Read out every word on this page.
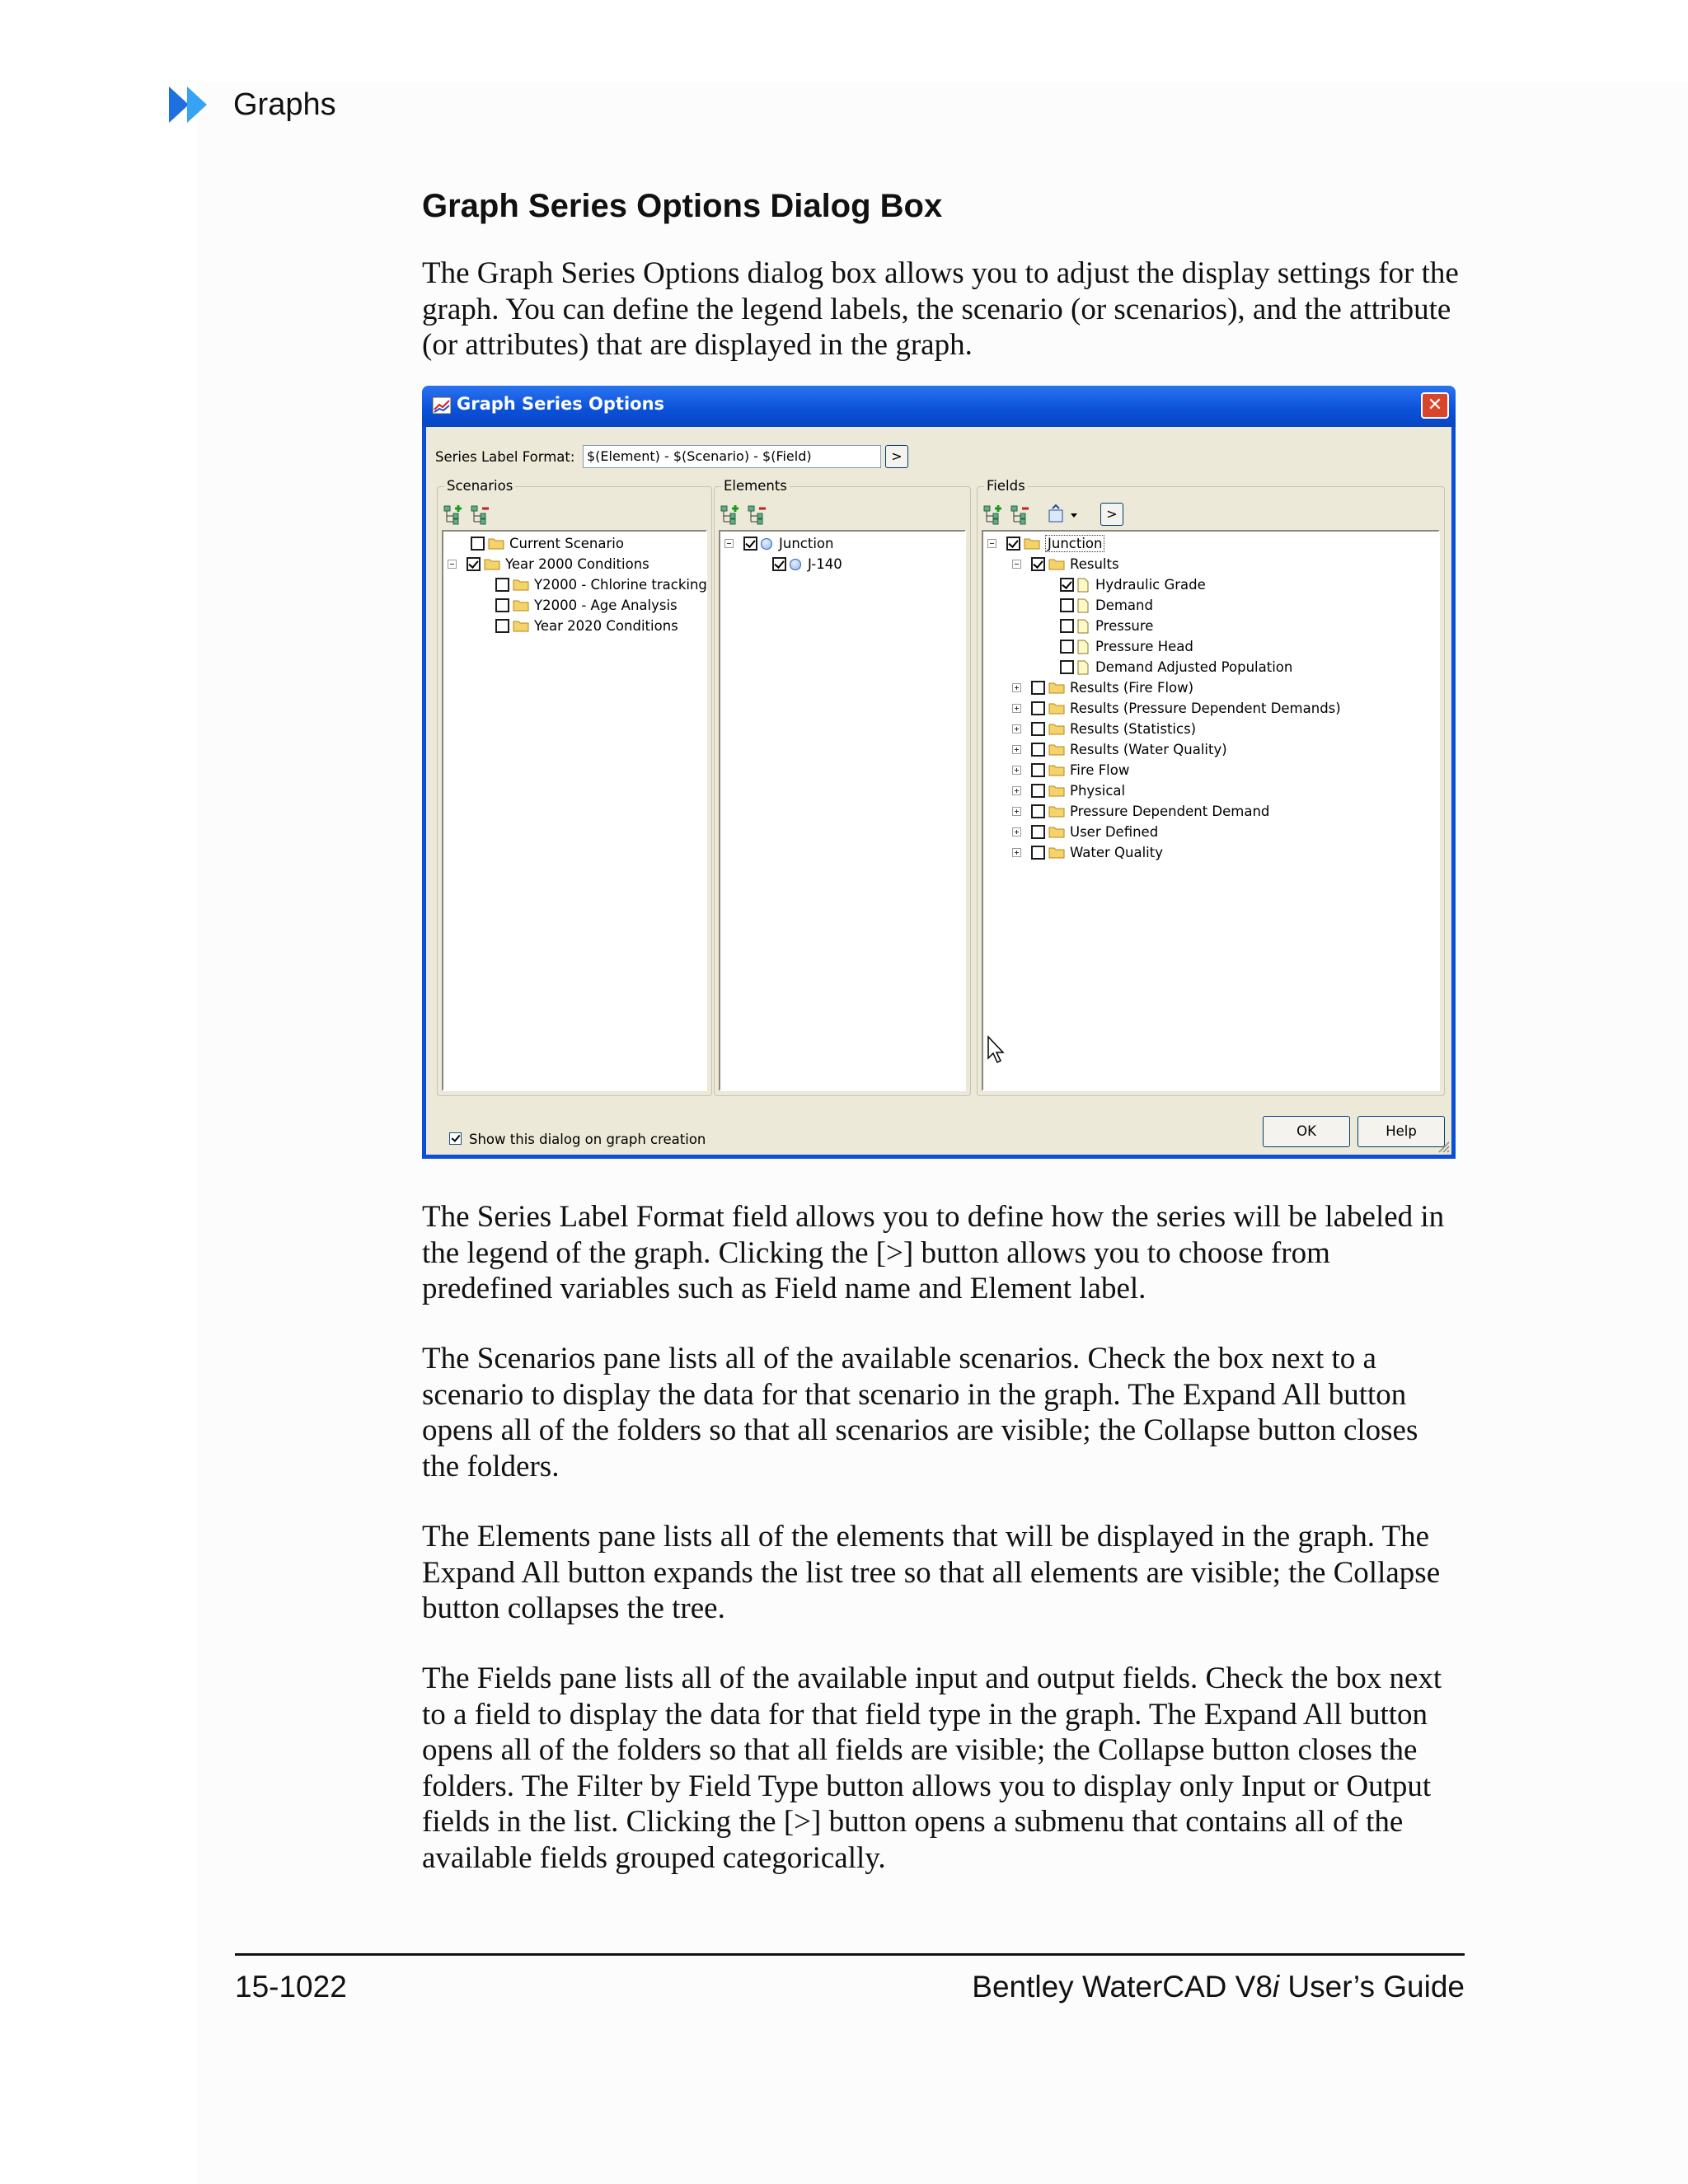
Graphs
Graph Series Options Dialog Box

The Graph Series Options dialog box allows you to adjust the display settings for the graph. You can define the legend labels, the scenario (or scenarios), and the attribute (or attributes) that are displayed in the graph.

Graph Series Options	✕
Series Label Format: $(Element) - $(Scenario) - $(Field)	>
Scenarios
Current Scenario
Year 2000 Conditions
Y2000 - Chlorine tracking
Y2000 - Age Analysis
Year 2020 Conditions
Elements
Junction
J-140
Fields
>
Junction
Results
Hydraulic Grade
Demand
Pressure
Pressure Head
Demand Adjusted Population
Results (Fire Flow)
Results (Pressure Dependent Demands)
Results (Statistics)
Results (Water Quality)
Fire Flow
Physical
Pressure Dependent Demand
User Defined
Water Quality
Show this dialog on graph creation
OK	Help

The Series Label Format field allows you to define how the series will be labeled in the legend of the graph. Clicking the [>] button allows you to choose from predefined variables such as Field name and Element label.

The Scenarios pane lists all of the available scenarios. Check the box next to a scenario to display the data for that scenario in the graph. The Expand All button opens all of the folders so that all scenarios are visible; the Collapse button closes the folders.

The Elements pane lists all of the elements that will be displayed in the graph. The Expand All button expands the list tree so that all elements are visible; the Collapse button collapses the tree.

The Fields pane lists all of the available input and output fields. Check the box next to a field to display the data for that field type in the graph. The Expand All button opens all of the folders so that all fields are visible; the Collapse button closes the folders. The Filter by Field Type button allows you to display only Input or Output fields in the list. Clicking the [>] button opens a submenu that contains all of the available fields grouped categorically.

15-1022	Bentley WaterCAD V8i User’s Guide
